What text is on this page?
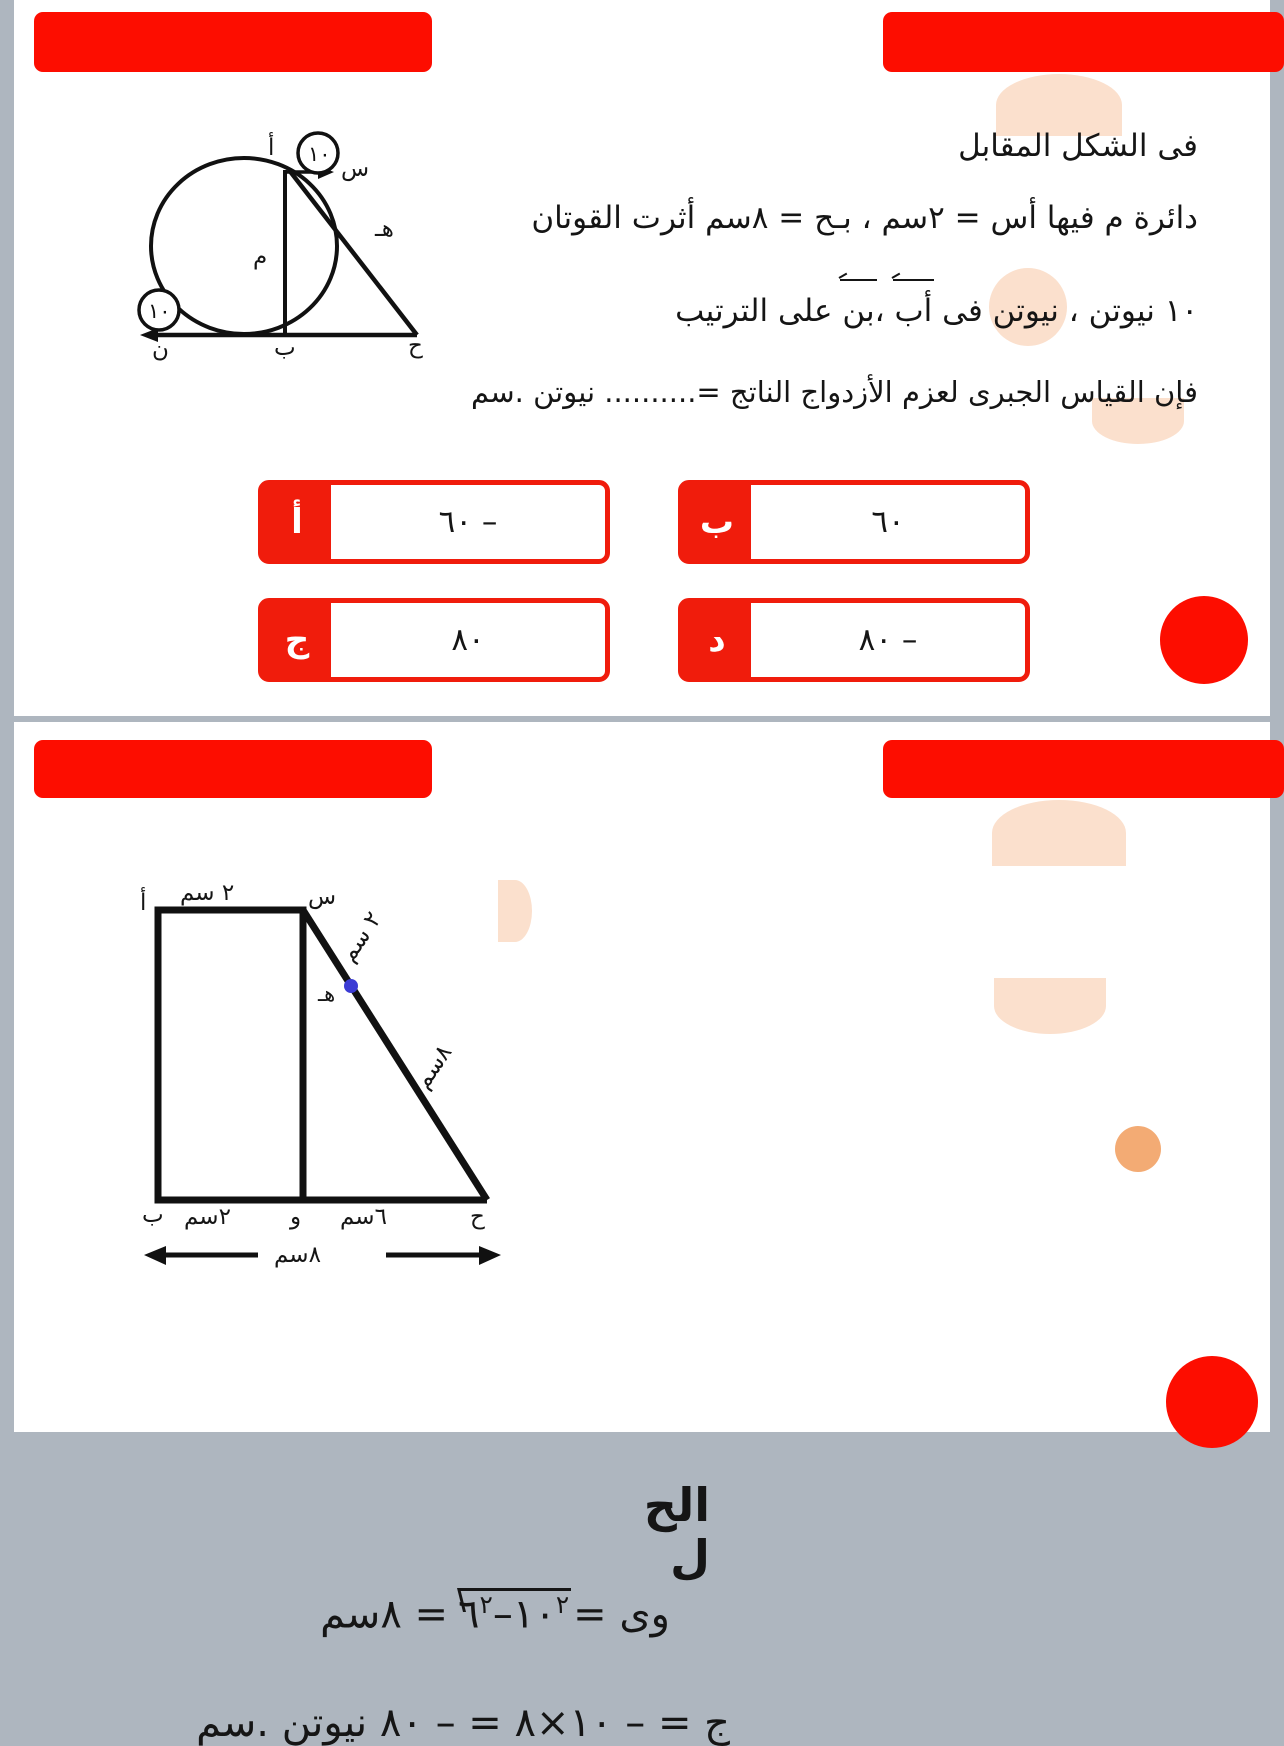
فى الشكل المقابل
دائرة م فيها أس = ٢سم ، بـح = ٨سم أثرت القوتان
١٠ نيوتن ، نيوتن فى
أب ،
بن على الترتيب
فإن القياس الجبرى لعزم الأزدواج الناتج =.......... نيوتن .سم
أ ١٠
١٠
س
هـ
م
ب	ح
ن
– ٦٠
أ	٦٠
ب
٨٠
ج	– ٨٠
د
الح
ل
وى =
$١٠^٢-٦^٢=$ ٨سم
ج = – ١٠×٨ = – ٨٠ نيوتن .سم
أ ٢ سم	س
٢ سم
هـ
٨سم
ب ٢سم	و ٦سم	ح
٨سم
